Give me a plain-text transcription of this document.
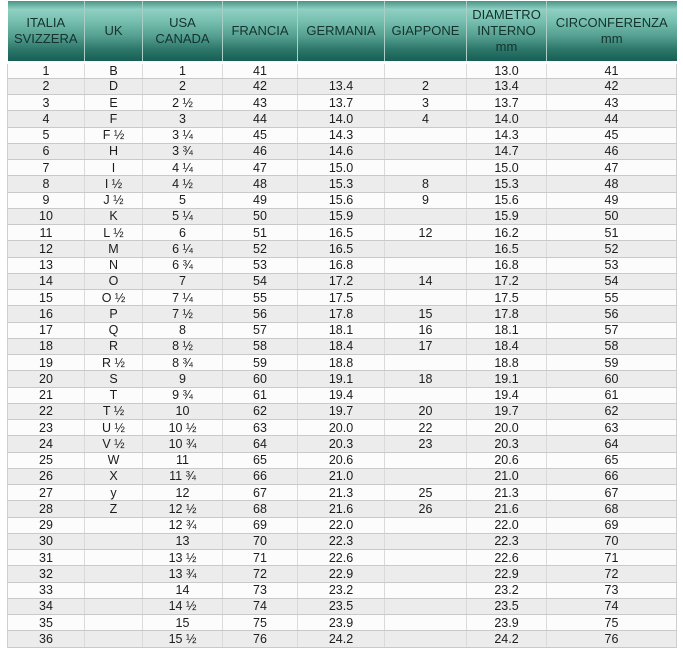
ITALIA
SVIZZERA

UK

USA
CANADA

FRANCIA	GERMANIA	GIAPPONE

DIAMETRO
INTERNO
mm

CIRCONFERENZA
mm

1	B	1	41			13.0	41
2	D	2	42	13.4	2	13.4	42
3	E	2 ½	43	13.7	3	13.7	43
4	F	3	44	14.0	4	14.0	44
5	F ½	3 ¼	45	14.3		14.3	45
6	H	3 ¾	46	14.6		14.7	46
7	I	4 ¼	47	15.0		15.0	47
8	I ½	4 ½	48	15.3	8	15.3	48
9	J ½	5	49	15.6	9	15.6	49
10	K	5 ¼	50	15.9		15.9	50
11	L ½	6	51	16.5	12	16.2	51
12	M	6 ¼	52	16.5		16.5	52
13	N	6 ¾	53	16.8		16.8	53
14	O	7	54	17.2	14	17.2	54
15	O ½	7 ¼	55	17.5		17.5	55
16	P	7 ½	56	17.8	15	17.8	56
17	Q	8	57	18.1	16	18.1	57
18	R	8 ½	58	18.4	17	18.4	58
19	R ½	8 ¾	59	18.8		18.8	59
20	S	9	60	19.1	18	19.1	60
21	T	9 ¾	61	19.4		19.4	61
22	T ½	10	62	19.7	20	19.7	62
23	U ½	10 ½	63	20.0	22	20.0	63
24	V ½	10 ¾	64	20.3	23	20.3	64
25	W	11	65	20.6		20.6	65
26	X	11 ¾	66	21.0		21.0	66
27	y	12	67	21.3	25	21.3	67
28	Z	12 ½	68	21.6	26	21.6	68
29		12 ¾	69	22.0		22.0	69
30		13	70	22.3		22.3	70
31		13 ½	71	22.6		22.6	71
32		13 ¾	72	22.9		22.9	72
33		14	73	23.2		23.2	73
34		14 ½	74	23.5		23.5	74
35		15	75	23.9		23.9	75
36		15 ½	76	24.2		24.2	76
